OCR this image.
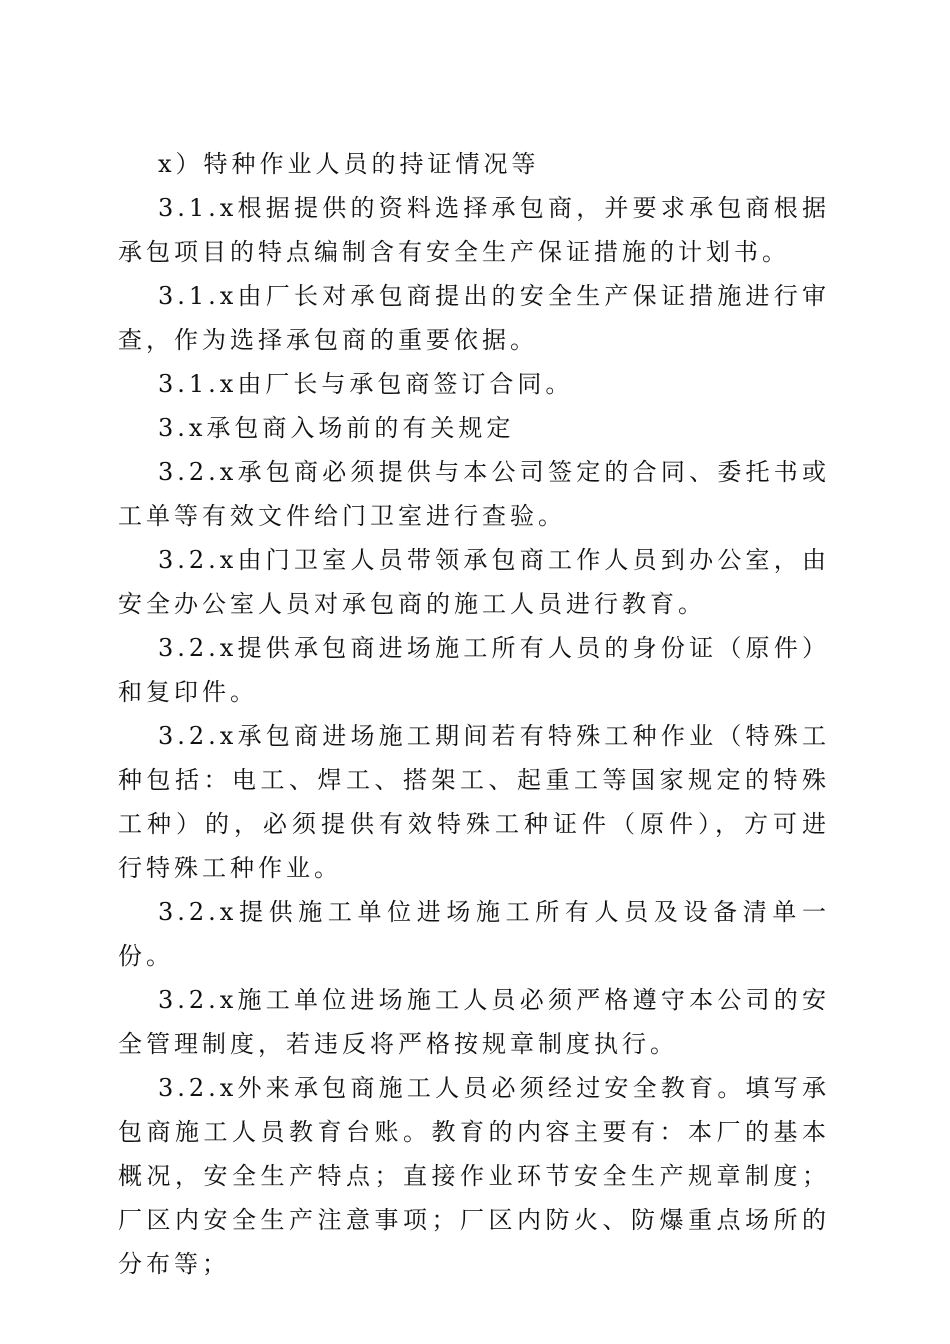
x）特种作业人员的持证情况等

3.1.x根据提供的资料选择承包商，并要求承包商根据承包项目的特点编制含有安全生产保证措施的计划书。

3.1.x由厂长对承包商提出的安全生产保证措施进行审查，作为选择承包商的重要依据。

3.1.x由厂长与承包商签订合同。

3.x承包商入场前的有关规定

3.2.x承包商必须提供与本公司签定的合同、委托书或工单等有效文件给门卫室进行查验。

3.2.x由门卫室人员带领承包商工作人员到办公室，由安全办公室人员对承包商的施工人员进行教育。

3.2.x提供承包商进场施工所有人员的身份证（原件）和复印件。

3.2.x承包商进场施工期间若有特殊工种作业（特殊工种包括：电工、焊工、搭架工、起重工等国家规定的特殊工种）的，必须提供有效特殊工种证件（原件），方可进行特殊工种作业。

3.2.x提供施工单位进场施工所有人员及设备清单一份。

3.2.x施工单位进场施工人员必须严格遵守本公司的安全管理制度，若违反将严格按规章制度执行。

3.2.x外来承包商施工人员必须经过安全教育。填写承包商施工人员教育台账。教育的内容主要有：本厂的基本概况，安全生产特点；直接作业环节安全生产规章制度；厂区内安全生产注意事项；厂区内防火、防爆重点场所的分布等；
